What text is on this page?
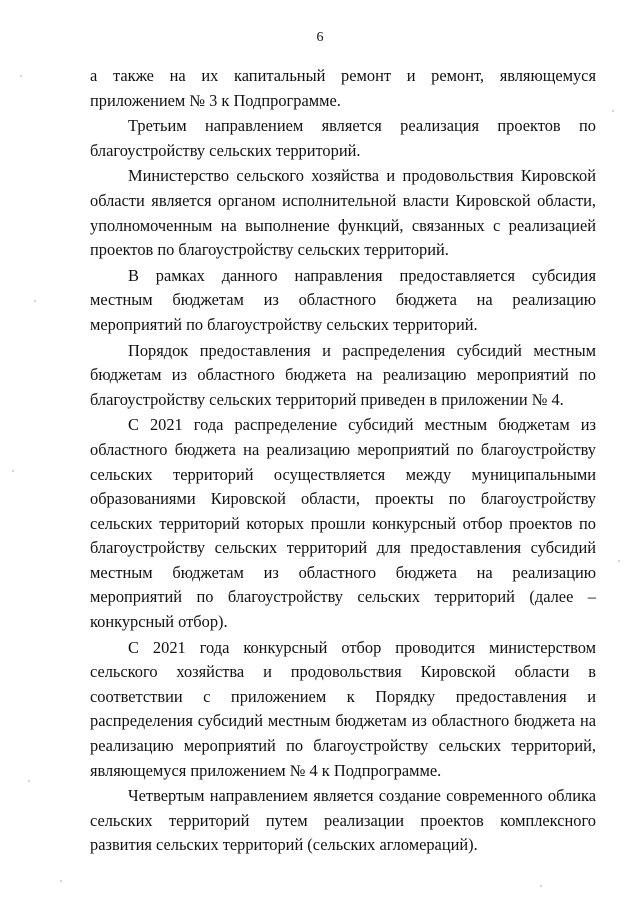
6

а также на их капитальный ремонт и ремонт, являющемуся приложением № 3 к Подпрограмме.

Третьим направлением является реализация проектов по благоустройству сельских территорий.

Министерство сельского хозяйства и продовольствия Кировской области является органом исполнительной власти Кировской области, уполномоченным на выполнение функций, связанных с реализацией проектов по благоустройству сельских территорий.

В рамках данного направления предоставляется субсидия местным бюджетам из областного бюджета на реализацию мероприятий по благоустройству сельских территорий.

Порядок предоставления и распределения субсидий местным бюджетам из областного бюджета на реализацию мероприятий по благоустройству сельских территорий приведен в приложении № 4.

С 2021 года распределение субсидий местным бюджетам из областного бюджета на реализацию мероприятий по благоустройству сельских территорий осуществляется между муниципальными образованиями Кировской области, проекты по благоустройству сельских территорий которых прошли конкурсный отбор проектов по благоустройству сельских территорий для предоставления субсидий местным бюджетам из областного бюджета на реализацию мероприятий по благоустройству сельских территорий (далее – конкурсный отбор).

С 2021 года конкурсный отбор проводится министерством сельского хозяйства и продовольствия Кировской области в соответствии с приложением к Порядку предоставления и распределения субсидий местным бюджетам из областного бюджета на реализацию мероприятий по благоустройству сельских территорий, являющемуся приложением № 4 к Подпрограмме.

Четвертым направлением является создание современного облика сельских территорий путем реализации проектов комплексного развития сельских территорий (сельских агломераций).
